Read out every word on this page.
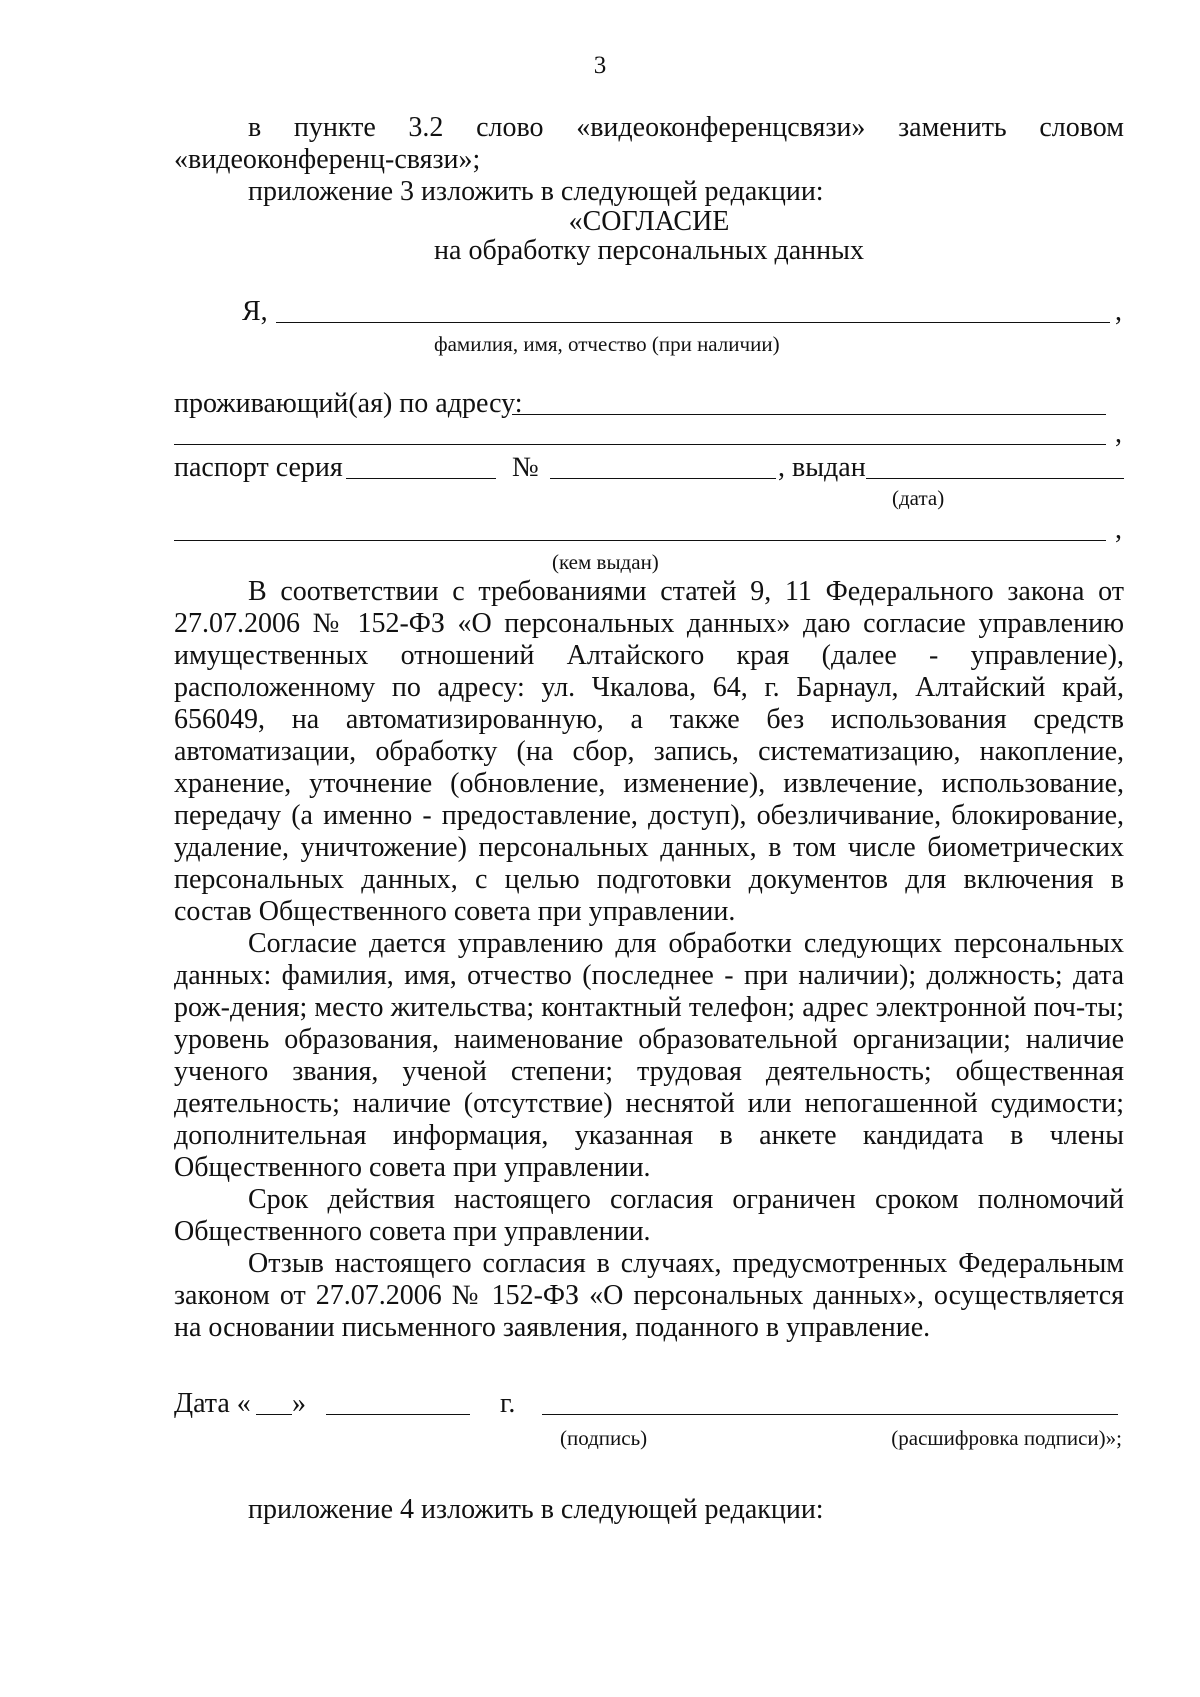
3

в пункте 3.2 слово «видеоконференцсвязи» заменить словом «видеоконференц-связи»;

приложение 3 изложить в следующей редакции:

«СОГЛАСИЕ

на обработку персональных данных

Я,	,
фамилия, имя, отчество (при наличии)
проживающий(ая) по адресу:
,
паспорт серия	№	, выдан
(дата)
,
(кем выдан)

В соответствии с требованиями статей 9, 11 Федерального закона от 27.07.2006 № 152-ФЗ «О персональных данных» даю согласие управлению имущественных отношений Алтайского края (далее - управление), расположенному по адресу: ул. Чкалова, 64, г. Барнаул, Алтайский край, 656049, на автоматизированную, а также без использования средств автоматизации, обработку (на сбор, запись, систематизацию, накопление, хранение, уточнение (обновление, изменение), извлечение, использование, передачу (а именно - предоставление, доступ), обезличивание, блокирование, удаление, уничтожение) персональных данных, в том числе биометрических персональных данных, с целью подготовки документов для включения в состав Общественного совета при управлении.

Согласие дается управлению для обработки следующих персональных данных: фамилия, имя, отчество (последнее - при наличии); должность; дата рож-дения; место жительства; контактный телефон; адрес электронной поч-ты; уровень образования, наименование образовательной организации; наличие ученого звания, ученой степени; трудовая деятельность; общественная деятельность; наличие (отсутствие) неснятой или непогашенной судимости; дополнительная информация, указанная в анкете кандидата в члены Общественного совета при управлении.

Срок действия настоящего согласия ограничен сроком полномочий Общественного совета при управлении.

Отзыв настоящего согласия в случаях, предусмотренных Федеральным законом от 27.07.2006 № 152-ФЗ «О персональных данных», осуществляется на основании письменного заявления, поданного в управление.

Дата « »	г.
(подпись)	(расшифровка подписи)»;

приложение 4 изложить в следующей редакции:
